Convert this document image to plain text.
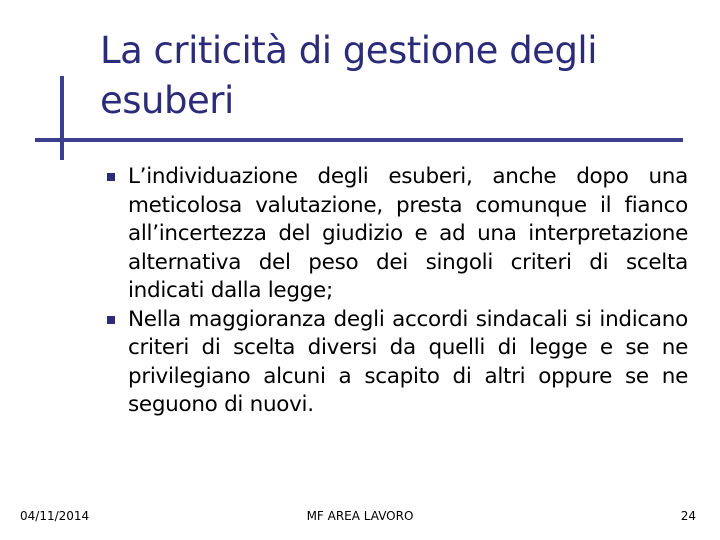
La criticità di gestione degli esuberi
L’individuazione degli esuberi, anche dopo una meticolosa valutazione, presta comunque il fianco all’incertezza del giudizio e ad una interpretazione alternativa del peso dei singoli criteri di scelta indicati dalla legge;
Nella maggioranza degli accordi sindacali si indicano criteri di scelta diversi da quelli di legge e se ne privilegiano alcuni a scapito di altri oppure se ne seguono di nuovi.
04/11/2014	MF AREA LAVORO	24
